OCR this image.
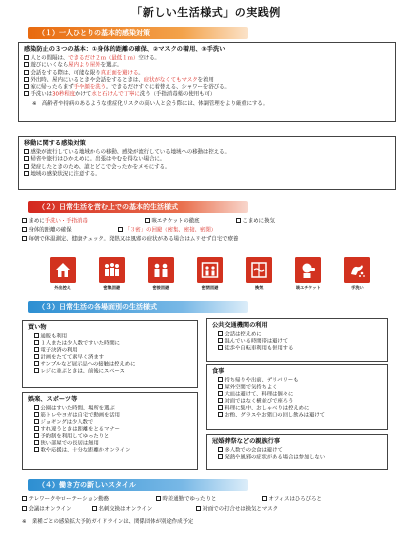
「新しい生活様式」の実践例
（１）一人ひとりの基本的感染対策
感染防止の３つの基本：①身体的距離の確保、②マスクの着用、③手洗い
人との間隔は、できるだけ２ｍ（最低１ｍ）空ける。
遊びにいくなら屋内より屋外を選ぶ。
会話をする際は、可能な限り真正面を避ける。
外出時、屋内にいるときや会話をするときは、症状がなくてもマスクを着用
家に帰ったらまず手や顔を洗う。できるだけすぐに着替える、シャワーを浴びる。
手洗いは30秒程度かけて水と石けんで丁寧に洗う（手指消毒薬の使用も可）
※　高齢者や持病のあるような重症化リスクの高い人と会う際には、体調管理をより厳重にする。
移動に関する感染対策
感染が流行している地域からの移動、感染が流行している地域への移動は控える。
帰省や旅行はひかえめに。出張はやむを得ない場合に。
発症したときのため、誰とどこで会ったかをメモにする。
地域の感染状況に注意する。
（２）日常生活を営む上での基本的生活様式
まめに手洗い・手指消毒	咳エチケットの徹底	こまめに換気
身体的距離の確保	「３密」の回避（密集、密接、密閉）
毎朝で体温測定、健康チェック。発熱又は風邪の症状がある場合はムリせず自宅で療養
外出控え	密集回避	密接回避	密閉回避	換気	咳エチケット	手洗い
（３）日常生活の各場面別の生活様式
買い物
通販も利用
１人または少人数ですいた時間に
電子決済の利用
計画をたてて素早く済ます
サンプルなど展示品への接触は控えめに
レジに並ぶときは、前後にスペース
公共交通機関の利用
会話は控えめに
混んでいる時間帯は避けて
徒歩や自転車利用も併用する
食事
持ち帰りや出前、デリバリーも
屋外空間で気持ちよく
大皿は避けて、料理は個々に
対面ではなく横並びで座ろう
料理に集中、おしゃべりは控えめに
お酌、グラスやお猪口の回し飲みは避けて
娯楽、スポーツ等
公園はすいた時間、場所を選ぶ
筋トレやヨガは自宅で動画を活用
ジョギングは少人数で
すれ違うときは距離をとるマナー
予約制を利用してゆったりと
狭い部屋での長居は無用
歌や応援は、十分な距離かオンライン
冠婚葬祭などの親族行事
多人数での会食は避けて
発熱や風邪の症状がある場合は参加しない
（４）働き方の新しいスタイル
テレワークやローテーション勤務	時差通勤でゆったりと	オフィスはひろびろと
会議はオンライン	名刺交換はオンライン	対面での打合せは換気とマスク
※　業種ごとの感染拡大予防ガイドラインは、関係団体が別途作成予定
